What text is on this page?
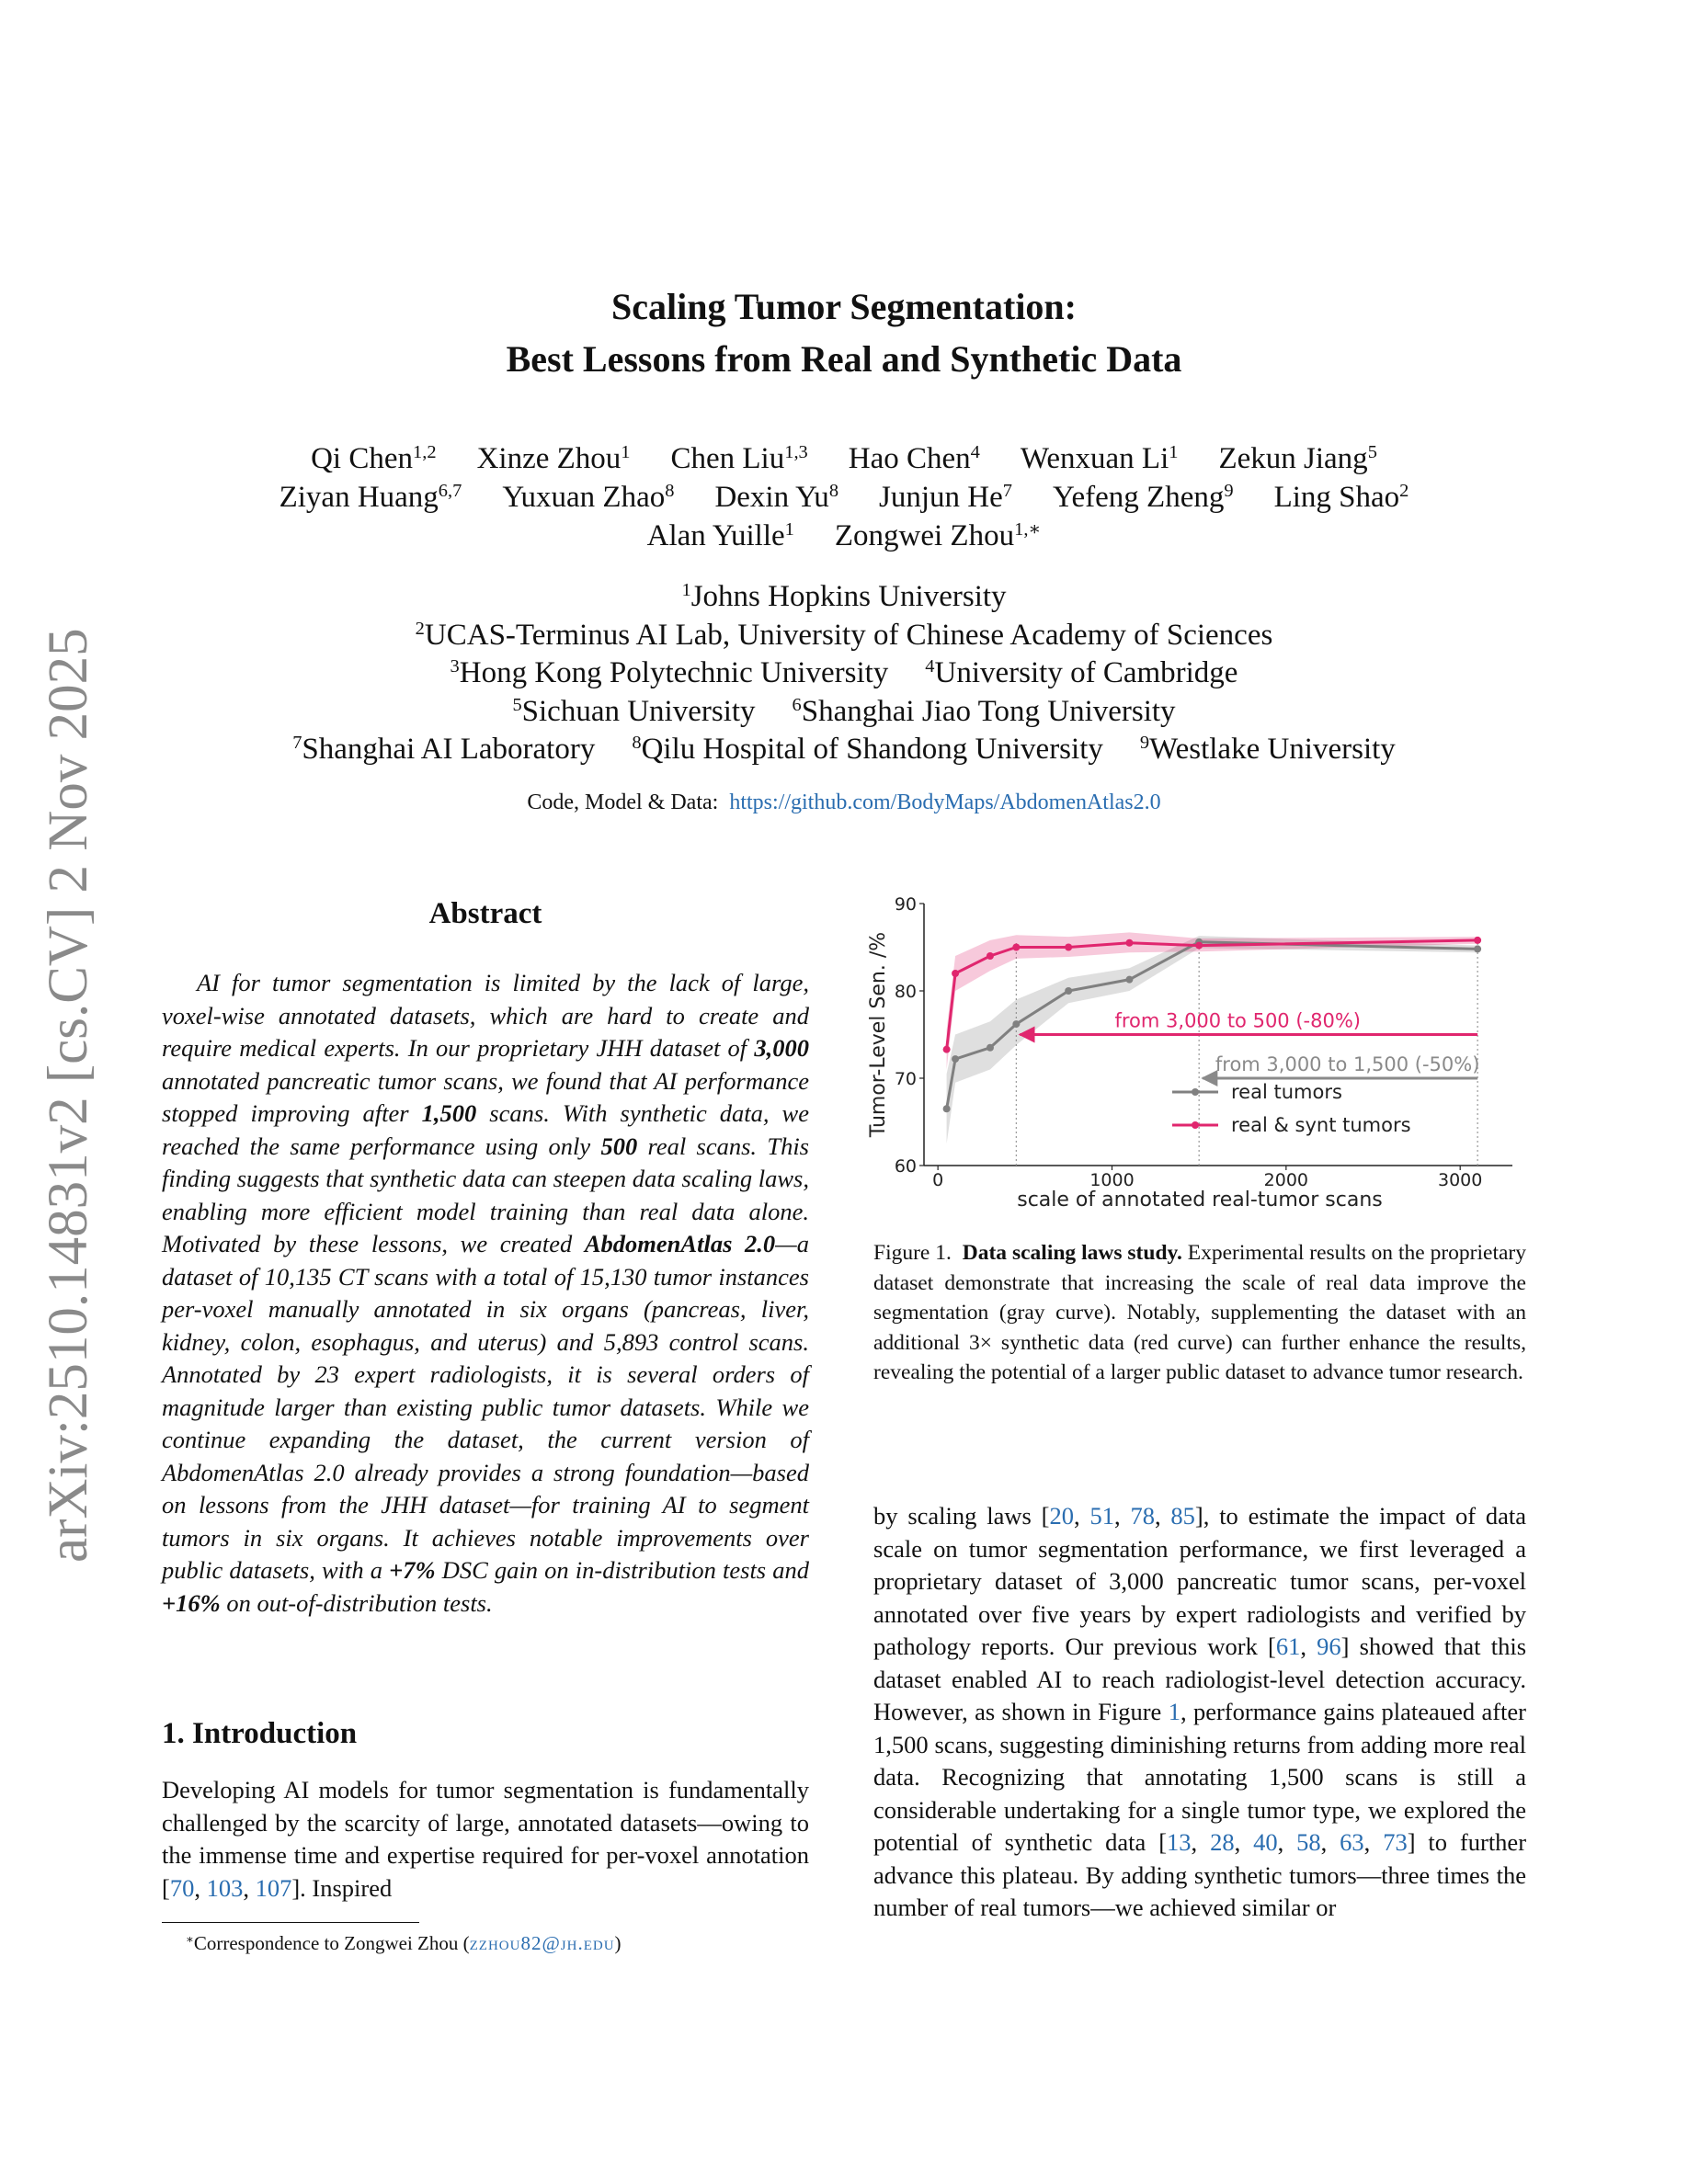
arXiv:2510.14831v2 [cs.CV] 2 Nov 2025
Scaling Tumor Segmentation:
Best Lessons from Real and Synthetic Data
Qi Chen$^{1,2}$ Xinze Zhou$^1$ Chen Liu$^{1,3}$ Hao Chen$^4$ Wenxuan Li$^1$ Zekun Jiang$^5$
Ziyan Huang$^{6,7}$ Yuxuan Zhao$^8$ Dexin Yu$^8$ Junjun He$^7$ Yefeng Zheng$^9$ Ling Shao$^2$
Alan Yuille$^1$ Zongwei Zhou$^{1,∗}$
$^1$Johns Hopkins University
$^2$UCAS-Terminus AI Lab, University of Chinese Academy of Sciences
$^3$Hong Kong Polytechnic University $^4$University of Cambridge
$^5$Sichuan University $^6$Shanghai Jiao Tong University
$^7$Shanghai AI Laboratory $^8$Qilu Hospital of Shandong University $^9$Westlake University
Code, Model & Data: https://github.com/BodyMaps/AbdomenAtlas2.0
Abstract
AI for tumor segmentation is limited by the lack of large, voxel-wise annotated datasets, which are hard to create and require medical experts. In our proprietary JHH dataset of 3,000 annotated pancreatic tumor scans, we found that AI performance stopped improving after 1,500 scans. With synthetic data, we reached the same performance using only 500 real scans. This finding suggests that synthetic data can steepen data scaling laws, enabling more efficient model training than real data alone. Motivated by these lessons, we created AbdomenAtlas 2.0—a dataset of 10,135 CT scans with a total of 15,130 tumor instances per-voxel manually annotated in six organs (pancreas, liver, kidney, colon, esophagus, and uterus) and 5,893 control scans. Annotated by 23 expert radiologists, it is several orders of magnitude larger than existing public tumor datasets. While we continue expanding the dataset, the current version of AbdomenAtlas 2.0 already provides a strong foundation—based on lessons from the JHH dataset—for training AI to segment tumors in six organs. It achieves notable improvements over public datasets, with a +7% DSC gain on in-distribution tests and +16% on out-of-distribution tests.
1. Introduction
Developing AI models for tumor segmentation is fundamentally challenged by the scarcity of large, annotated datasets—owing to the immense time and expertise required for per-voxel annotation [70, 103, 107]. Inspired
∗Correspondence to Zongwei Zhou (zzhou82@jh.edu)
60
70
80
90
0	1000	2000	3000
scale of annotated real-tumor scans
Tumor-Level Sen. /%	from 3,000 to 500 (-80%)
from 3,000 to 1,500 (-50%)
real tumors
real & synt tumors
Figure 1. Data scaling laws study. Experimental results on the proprietary dataset demonstrate that increasing the scale of real data improve the segmentation (gray curve). Notably, supplementing the dataset with an additional 3× synthetic data (red curve) can further enhance the results, revealing the potential of a larger public dataset to advance tumor research.
by scaling laws [20, 51, 78, 85], to estimate the impact of data scale on tumor segmentation performance, we first leveraged a proprietary dataset of 3,000 pancreatic tumor scans, per-voxel annotated over five years by expert radiologists and verified by pathology reports. Our previous work [61, 96] showed that this dataset enabled AI to reach radiologist-level detection accuracy. However, as shown in Figure 1, performance gains plateaued after 1,500 scans, suggesting diminishing returns from adding more real data. Recognizing that annotating 1,500 scans is still a considerable undertaking for a single tumor type, we explored the potential of synthetic data [13, 28, 40, 58, 63, 73] to further advance this plateau. By adding synthetic tumors—three times the number of real tumors—we achieved similar or
